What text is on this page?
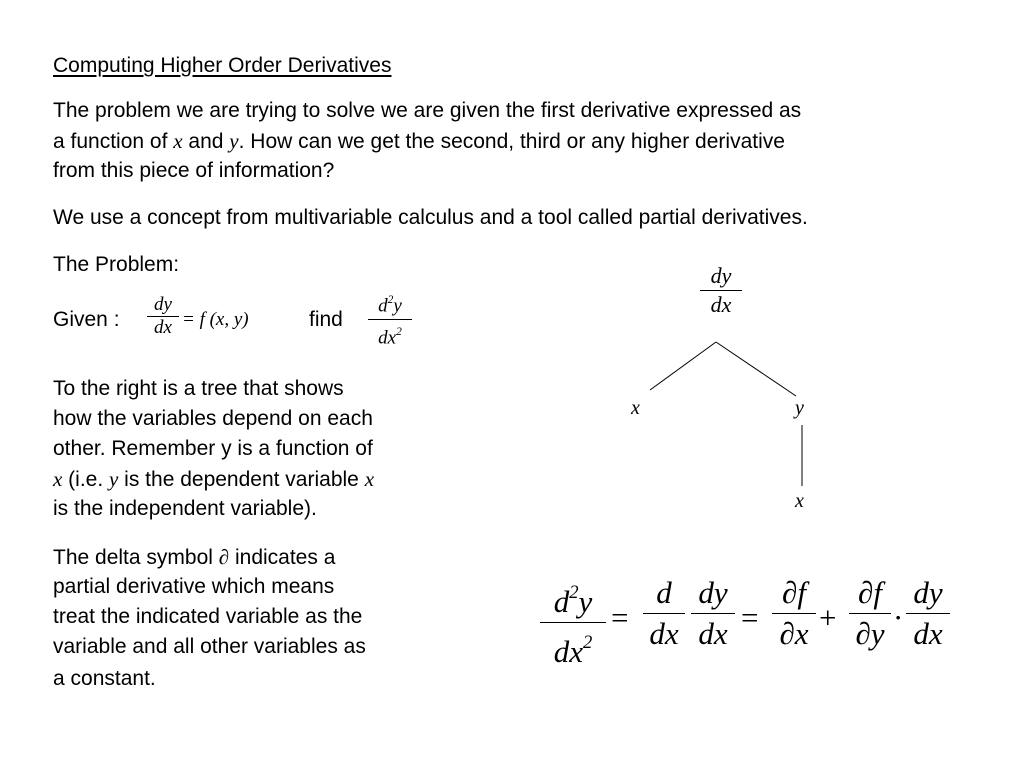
Computing Higher Order Derivatives
The problem we are trying to solve we are given the first derivative expressed as
a function of x and y. How can we get the second, third or any higher derivative
from this piece of information?
We use a concept from multivariable calculus and a tool called partial derivatives.
The Problem:
Given :
dy
dx = f (x, y)	find
$d^2y$
$dx^2$
To the right is a tree that shows
how the variables depend on each
other. Remember y is a function of
x (i.e. y is the dependent variable x
is the independent variable).
The delta symbol ∂ indicates a
partial derivative which means
treat the indicated variable as the
variable and all other variables as
a constant.
dy
dx
x	y
x
$d^2y$
$dx^2$
=
d
dx
dy
dx =
∂f
∂x +
∂f
∂y ·
dy
dx
